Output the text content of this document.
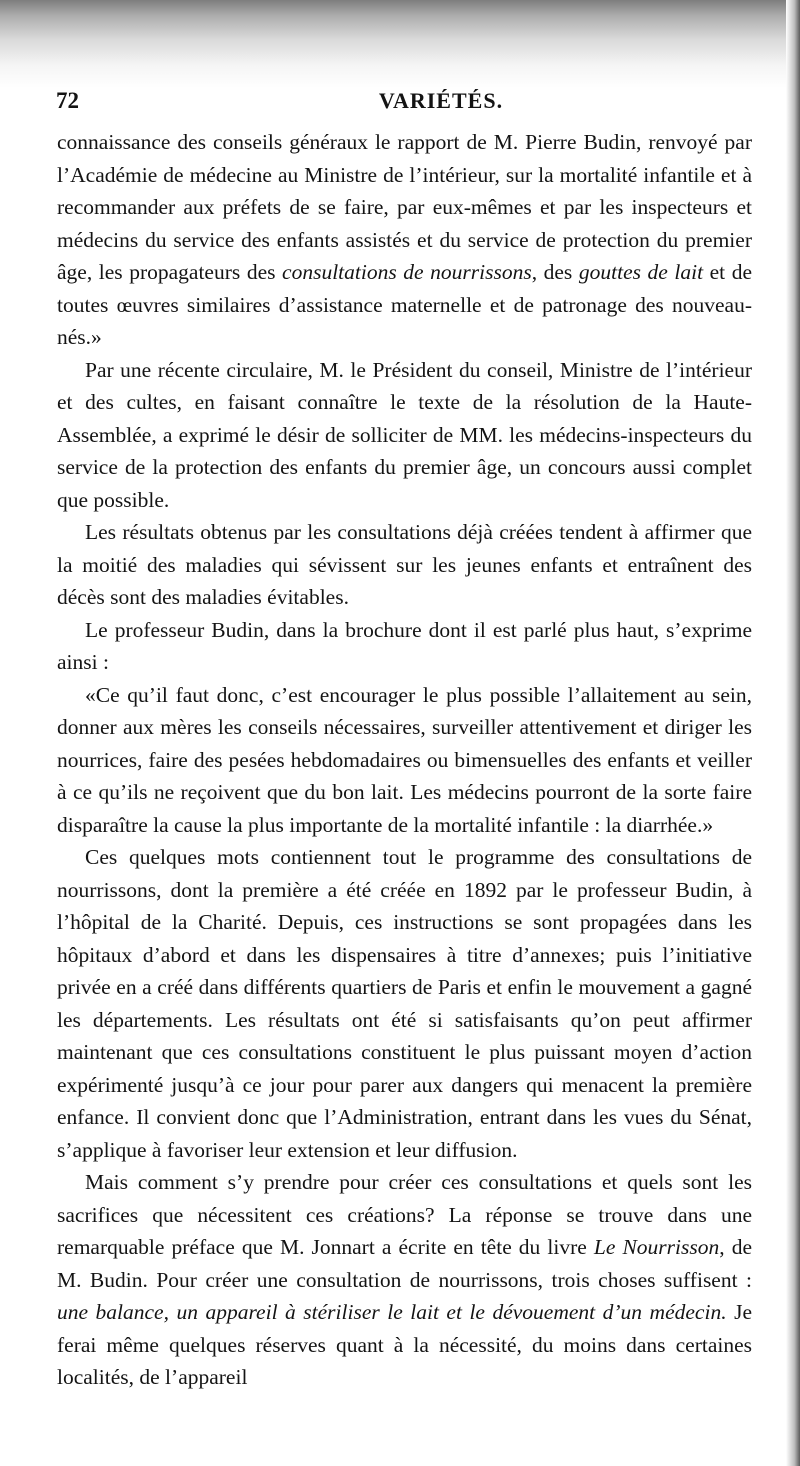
72	VARIÉTÉS.

connaissance des conseils généraux le rapport de M. Pierre Budin, renvoyé par l’Académie de médecine au Ministre de l’intérieur, sur la mortalité infantile et à recommander aux préfets de se faire, par eux-mêmes et par les inspecteurs et médecins du service des enfants assistés et du service de protection du premier âge, les propagateurs des consultations de nourrissons, des gouttes de lait et de toutes œuvres similaires d’assistance maternelle et de patronage des nouveau-nés.»

Par une récente circulaire, M. le Président du conseil, Ministre de l’intérieur et des cultes, en faisant connaître le texte de la résolution de la Haute-Assemblée, a exprimé le désir de solliciter de MM. les médecins-inspecteurs du service de la protection des enfants du premier âge, un concours aussi complet que possible.

Les résultats obtenus par les consultations déjà créées tendent à affirmer que la moitié des maladies qui sévissent sur les jeunes enfants et entraînent des décès sont des maladies évitables.

Le professeur Budin, dans la brochure dont il est parlé plus haut, s’exprime ainsi :

«Ce qu’il faut donc, c’est encourager le plus possible l’allaitement au sein, donner aux mères les conseils nécessaires, surveiller attentivement et diriger les nourrices, faire des pesées hebdomadaires ou bimensuelles des enfants et veiller à ce qu’ils ne reçoivent que du bon lait. Les médecins pourront de la sorte faire disparaître la cause la plus importante de la mortalité infantile : la diarrhée.»

Ces quelques mots contiennent tout le programme des consultations de nourrissons, dont la première a été créée en 1892 par le professeur Budin, à l’hôpital de la Charité. Depuis, ces instructions se sont propagées dans les hôpitaux d’abord et dans les dispensaires à titre d’annexes; puis l’initiative privée en a créé dans différents quartiers de Paris et enfin le mouvement a gagné les départements. Les résultats ont été si satisfaisants qu’on peut affirmer maintenant que ces consultations constituent le plus puissant moyen d’action expérimenté jusqu’à ce jour pour parer aux dangers qui menacent la première enfance. Il convient donc que l’Administration, entrant dans les vues du Sénat, s’applique à favoriser leur extension et leur diffusion.

Mais comment s’y prendre pour créer ces consultations et quels sont les sacrifices que nécessitent ces créations? La réponse se trouve dans une remarquable préface que M. Jonnart a écrite en tête du livre Le Nourrisson, de M. Budin. Pour créer une consultation de nourrissons, trois choses suffisent : une balance, un appareil à stériliser le lait et le dévouement d’un médecin. Je ferai même quelques réserves quant à la nécessité, du moins dans certaines localités, de l’appareil
